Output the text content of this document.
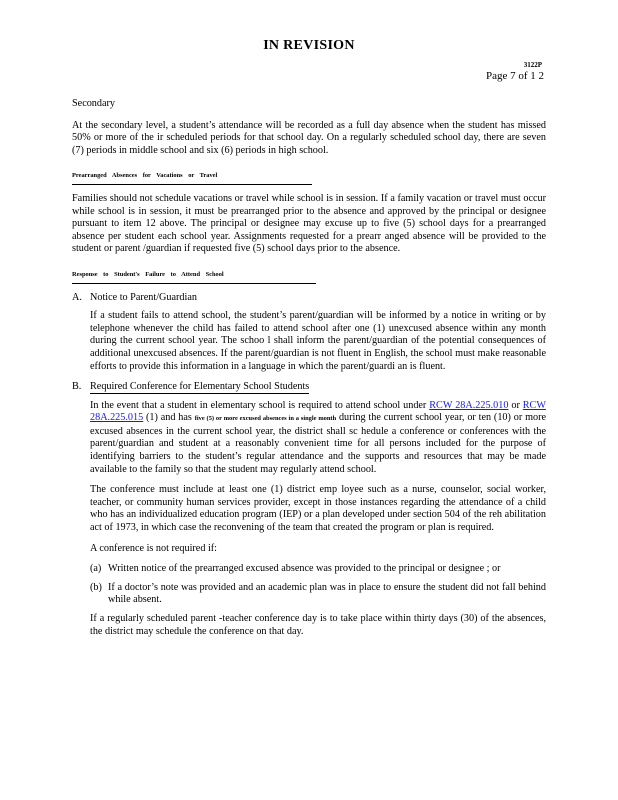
IN REVISION
3122P
Page 7 of 1 2
Secondary

At the secondary level, a student’s attendance will be recorded as a full day absence when the student has missed 50% or more of the ir scheduled periods for that school day. On a regularly scheduled school day, there are seven (7) periods in middle school and six (6) periods in high school.

Prearranged Absences for Vacations or Travel

Families should not schedule vacations or travel while school is in session. If a family vacation or travel must occur while school is in session, it must be prearranged prior to the absence and approved by the principal or designee pursuant to item 12 above. The principal or designee may excuse up to five (5) school days for a prearranged absence per student each school year. Assignments requested for a prearr anged absence will be provided to the student or parent /guardian if requested five (5) school days prior to the absence.

Response to Student's Failure to Attend School
A. Notice to Parent/Guardian

If a student fails to attend school, the student’s parent/guardian will be informed by a notice in writing or by telephone whenever the child has failed to attend school after one (1) unexcused absence within any month during the current school year. The schoo l shall inform the parent/guardian of the potential consequences of additional unexcused absences. If the parent/guardian is not fluent in English, the school must make reasonable efforts to provide this information in a language in which the parent/guardi an is fluent.

B. Required Conference for Elementary School Students

In the event that a student in elementary school is required to attend school under RCW 28A.225.010 or RCW 28A.225.015 (1) and has five (5) or more excused absences in a single month during the current school year, or ten (10) or more excused absences in the current school year, the district shall sc hedule a conference or conferences with the parent/guardian and student at a reasonably convenient time for all persons included for the purpose of identifying barriers to the student’s regular attendance and the supports and resources that may be made available to the family so that the student may regularly attend school.

The conference must include at least one (1) district emp loyee such as a nurse, counselor, social worker, teacher, or community human services provider, except in those instances regarding the attendance of a child who has an individualized education program (IEP) or a plan developed under section 504 of the reh abilitation act of 1973, in which case the reconvening of the team that created the program or plan is required.

A conference is not required if:

(a) Written notice of the prearranged excused absence was provided to the principal or designee ; or
(b) If a doctor’s note was provided and an academic plan was in place to ensure the student did not fall behind while absent.

If a regularly scheduled parent -teacher conference day is to take place within thirty days (30) of the absences, the district may schedule the conference on that day.
